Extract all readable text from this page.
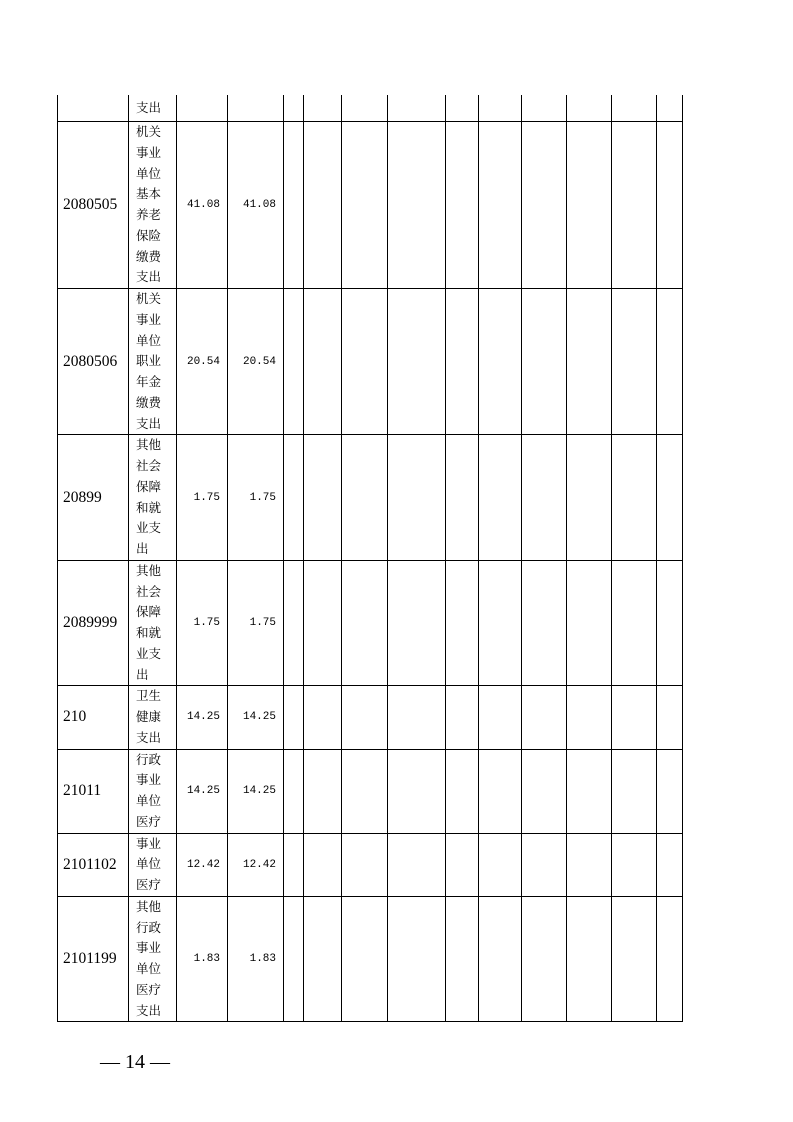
	支出												

2080505	机关事业单位基本养老保险缴费支出	41.08	41.08										
2080506	机关事业单位职业年金缴费支出	20.54	20.54										
20899	其他社会保障和就业支出	1.75	1.75										
2089999	其他社会保障和就业支出	1.75	1.75										
210	卫生健康支出	14.25	14.25										
21011	行政事业单位医疗	14.25	14.25										
2101102	事业单位医疗	12.42	12.42										
2101199	其他行政事业单位医疗支出	1.83	1.83										
— 14 —
